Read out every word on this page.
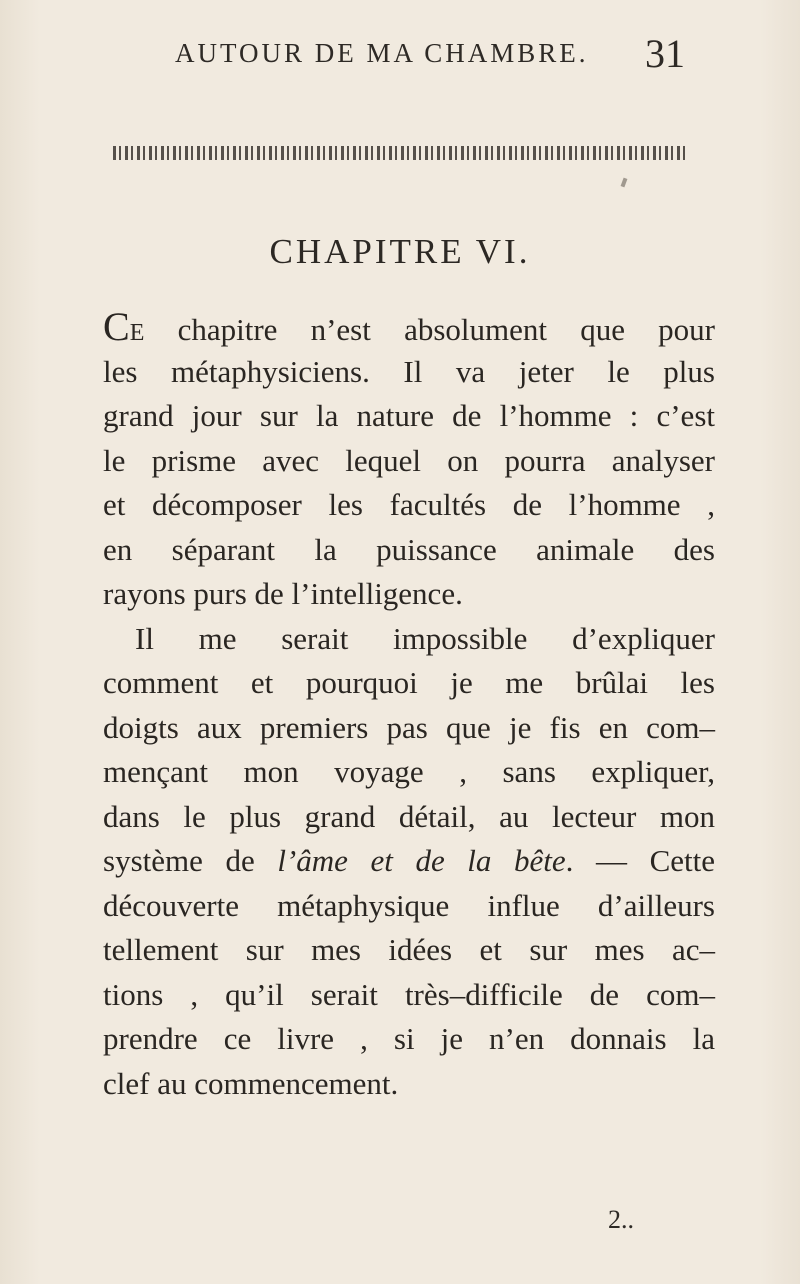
AUTOUR DE MA CHAMBRE. 31
CHAPITRE VI.
CE chapitre n’est absolument que pour
les métaphysiciens. Il va jeter le plus
grand jour sur la nature de l’homme : c’est
le prisme avec lequel on pourra analyser
et décomposer les facultés de l’homme ,
en séparant la puissance animale des
rayons purs de l’intelligence.
Il me serait impossible d’expliquer
comment et pourquoi je me brûlai les
doigts aux premiers pas que je fis en com–
mençant mon voyage , sans expliquer,
dans le plus grand détail, au lecteur mon
système de l’âme et de la bête. — Cette
découverte métaphysique influe d’ailleurs
tellement sur mes idées et sur mes ac–
tions , qu’il serait très–difficile de com–
prendre ce livre , si je n’en donnais la
clef au commencement.
2..
